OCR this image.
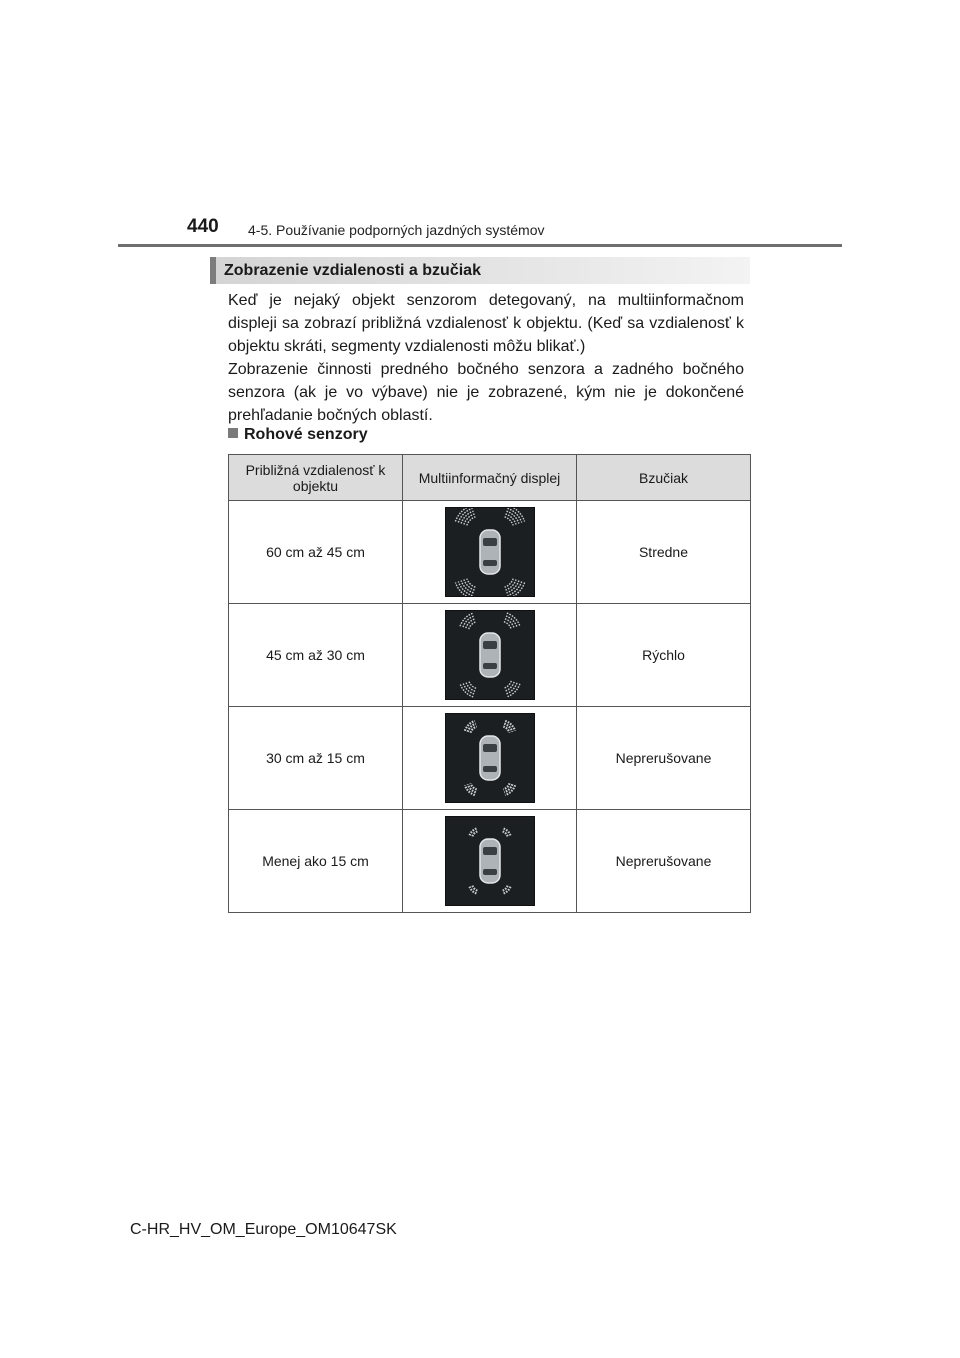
440 4-5. Používanie podporných jazdných systémov
Zobrazenie vzdialenosti a bzučiak

Keď je nejaký objekt senzorom detegovaný, na multiinformačnom displeji sa zobrazí približná vzdialenosť k objektu. (Keď sa vzdialenosť k objektu skráti, segmenty vzdialenosti môžu blikať.)

Zobrazenie činnosti predného bočného senzora a zadného bočného senzora (ak je vo výbave) nie je zobrazené, kým nie je dokončené prehľadanie bočných oblastí.

Rohové senzory
Približná vzdialenosť k objektu	Multiinformačný displej	Bzučiak
60 cm až 45 cm		Stredne
45 cm až 30 cm		Rýchlo
30 cm až 15 cm		Neprerušovane
Menej ako 15 cm		Neprerušovane
C-HR_HV_OM_Europe_OM10647SK
